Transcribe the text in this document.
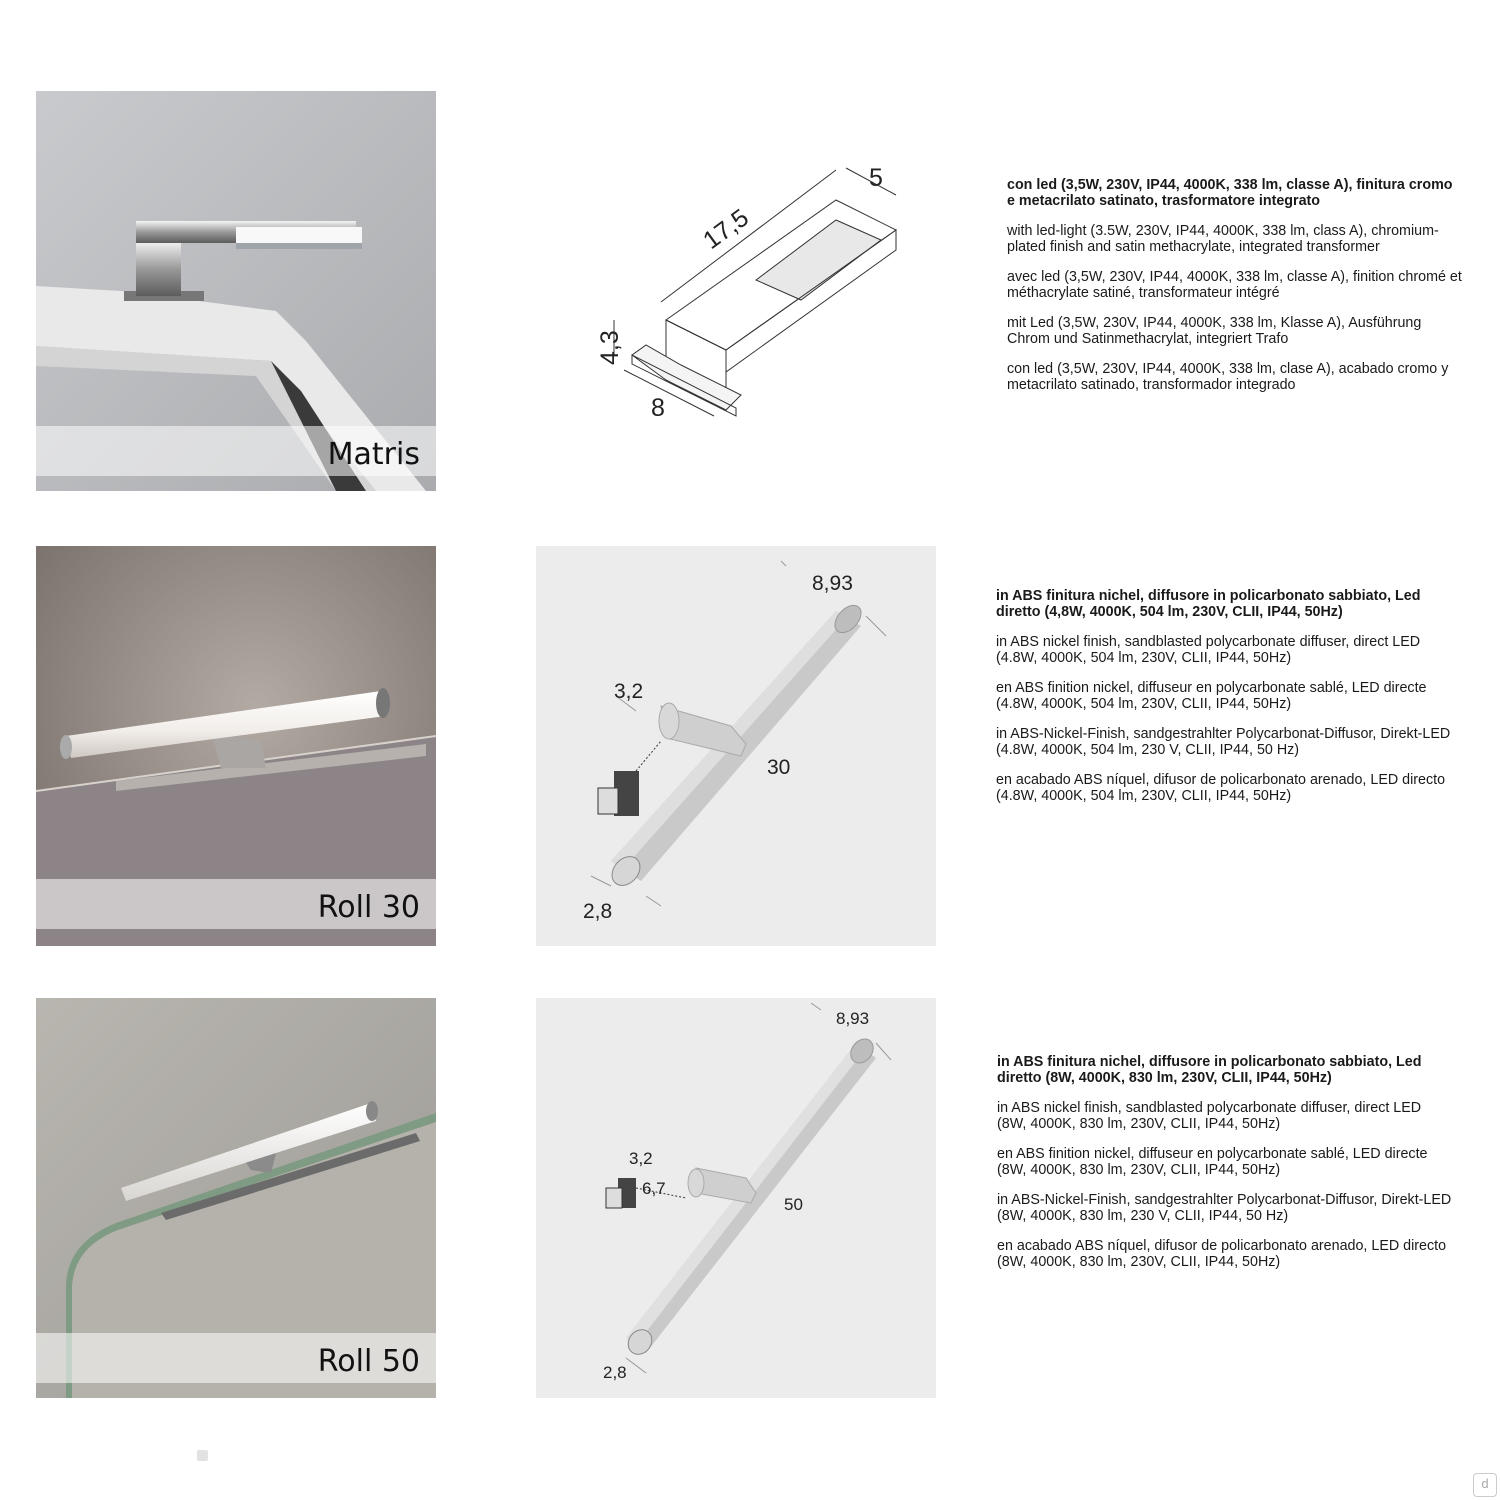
Matris
17,5
5
4,3
8

con led (3,5W, 230V, IP44, 4000K, 338 lm, classe A), finitura cromo e metacrilato satinato, trasformatore integrato

with led-light (3.5W, 230V, IP44, 4000K, 338 lm, class A), chromium-plated finish and satin methacrylate, integrated transformer

avec led (3,5W, 230V, IP44, 4000K, 338 lm, classe A), finition chromé et méthacrylate satiné, transformateur intégré

mit Led (3,5W, 230V, IP44, 4000K, 338 lm, Klasse A), Ausführung Chrom und Satinmethacrylat, integriert Trafo

con led (3,5W, 230V, IP44, 4000K, 338 lm, clase A), acabado cromo y metacrilato satinado, transformador integrado

Roll 30
8,93
3,2
30
2,8

in ABS finitura nichel, diffusore in policarbonato sabbiato, Led diretto (4,8W, 4000K, 504 lm, 230V, CLII, IP44, 50Hz)

in ABS nickel finish, sandblasted polycarbonate diffuser, direct LED (4.8W, 4000K, 504 lm, 230V, CLII, IP44, 50Hz)

en ABS finition nickel, diffuseur en polycarbonate sablé, LED directe (4.8W, 4000K, 504 lm, 230V, CLII, IP44, 50Hz)

in ABS-Nickel-Finish, sandgestrahlter Polycarbonat-Diffusor, Direkt-LED (4.8W, 4000K, 504 lm, 230 V, CLII, IP44, 50 Hz)

en acabado ABS níquel, difusor de policarbonato arenado, LED directo (4.8W, 4000K, 504 lm, 230V, CLII, IP44, 50Hz)

Roll 50
8,93
3,2
6,7
50
2,8

in ABS finitura nichel, diffusore in policarbonato sabbiato, Led diretto (8W, 4000K, 830 lm, 230V, CLII, IP44, 50Hz)

in ABS nickel finish, sandblasted polycarbonate diffuser, direct LED (8W, 4000K, 830 lm, 230V, CLII, IP44, 50Hz)

en ABS finition nickel, diffuseur en polycarbonate sablé, LED directe (8W, 4000K, 830 lm, 230V, CLII, IP44, 50Hz)

in ABS-Nickel-Finish, sandgestrahlter Polycarbonat-Diffusor, Direkt-LED (8W, 4000K, 830 lm, 230 V, CLII, IP44, 50 Hz)

en acabado ABS níquel, difusor de policarbonato arenado, LED directo (8W, 4000K, 830 lm, 230V, CLII, IP44, 50Hz)

d
